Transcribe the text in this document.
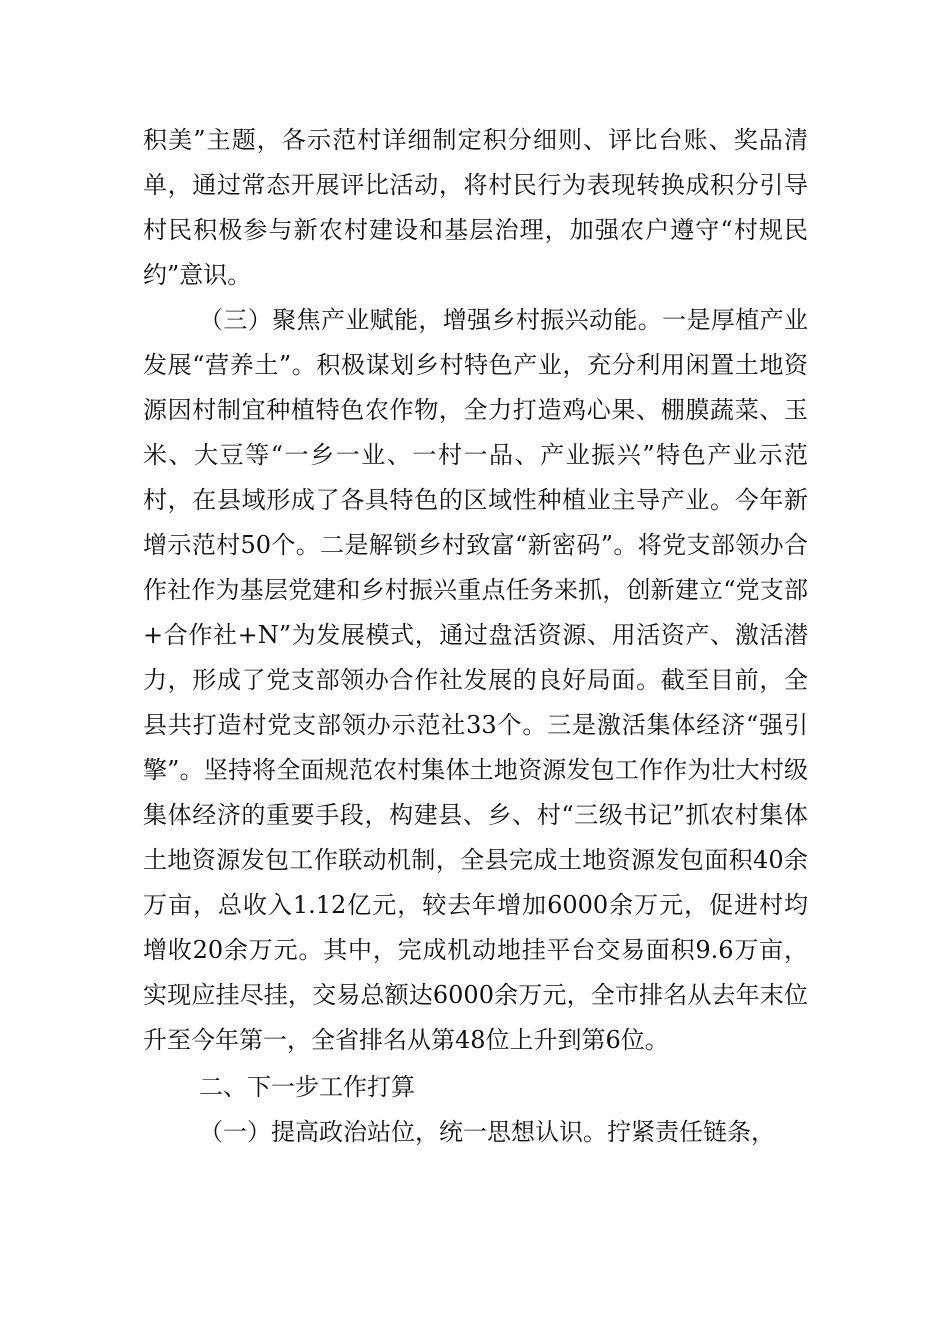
积美”主题，各示范村详细制定积分细则、评比台账、奖品清单，通过常态开展评比活动，将村民行为表现转换成积分引导村民积极参与新农村建设和基层治理，加强农户遵守“村规民约”意识。

（三）聚焦产业赋能，增强乡村振兴动能。一是厚植产业发展“营养土”。积极谋划乡村特色产业，充分利用闲置土地资源因村制宜种植特色农作物，全力打造鸡心果、棚膜蔬菜、玉米、大豆等“一乡一业、一村一品、产业振兴”特色产业示范村，在县域形成了各具特色的区域性种植业主导产业。今年新增示范村50个。二是解锁乡村致富“新密码”。将党支部领办合作社作为基层党建和乡村振兴重点任务来抓，创新建立“党支部+合作社+N”为发展模式，通过盘活资源、用活资产、激活潜力，形成了党支部领办合作社发展的良好局面。截至目前，全县共打造村党支部领办示范社33个。三是激活集体经济“强引擎”。坚持将全面规范农村集体土地资源发包工作作为壮大村级集体经济的重要手段，构建县、乡、村“三级书记”抓农村集体土地资源发包工作联动机制，全县完成土地资源发包面积40余万亩，总收入1.12亿元，较去年增加6000余万元，促进村均增收20余万元。其中，完成机动地挂平台交易面积9.6万亩，实现应挂尽挂，交易总额达6000余万元，全市排名从去年末位升至今年第一，全省排名从第48位上升到第6位。

二、下一步工作打算

（一）提高政治站位，统一思想认识。拧紧责任链条，
